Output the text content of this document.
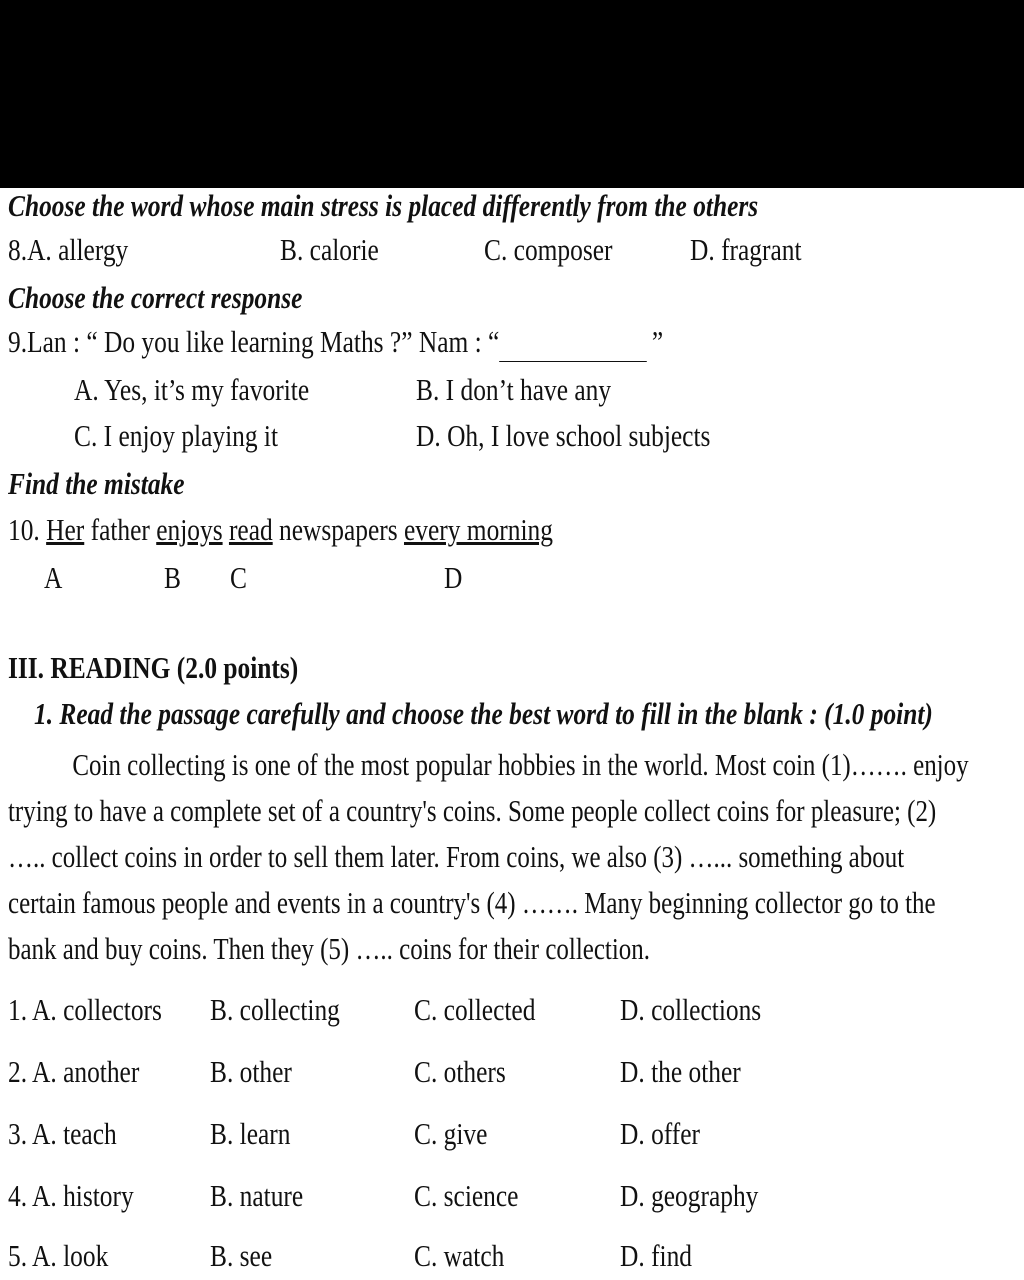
Choose the word whose main stress is placed differently from the others
8.A. allergy	B. calorie	C. composer	D. fragrant
Choose the correct response
9.Lan : “ Do you like learning Maths ?” Nam : “	”
A. Yes, it’s my favorite	B. I don’t have any
C. I enjoy playing it	D. Oh, I love school subjects
Find the mistake
10. Her father enjoys read newspapers every morning
A	B C	D
III. READING (2.0 points)
1. Read the passage carefully and choose the best word to fill in the blank : (1.0 point)

Coin collecting is one of the most popular hobbies in the world. Most coin (1)……. enjoy trying to have a complete set of a country's coins. Some people collect coins for pleasure; (2) ….. collect coins in order to sell them later. From coins, we also (3) …... something about certain famous people and events in a country's (4) ……. Many beginning collector go to the bank and buy coins. Then they (5) ….. coins for their collection.

1. A. collectors B. collecting C. collected	D. collections
2. A. another B. other	C. others	D. the other
3. A. teach	B. learn	C. give	D. offer
4. A. history B. nature	C. science	D. geography
5. A. look	B. see	C. watch	D. find
